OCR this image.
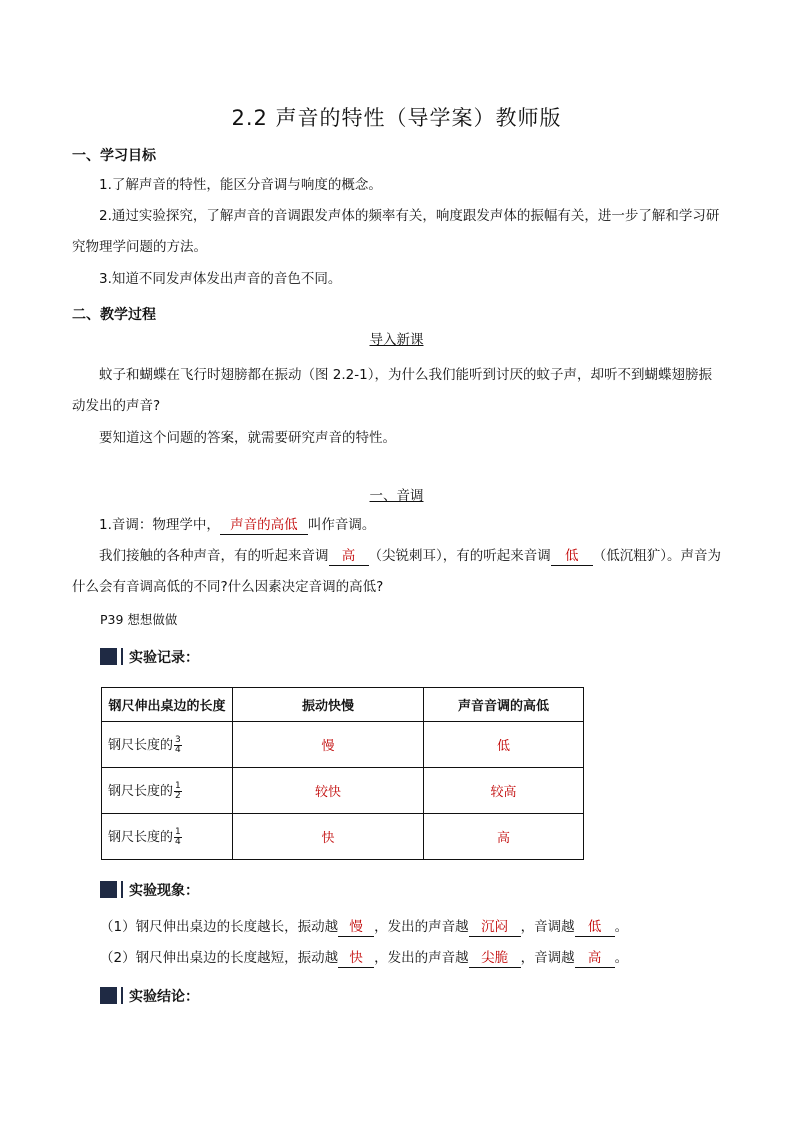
2.2 声音的特性（导学案）教师版
一、学习目标
1.了解声音的特性，能区分音调与响度的概念。
2.通过实验探究，了解声音的音调跟发声体的频率有关，响度跟发声体的振幅有关，进一步了解和学习研究物理学问题的方法。
3.知道不同发声体发出声音的音色不同。
二、教学过程
导入新课
蚊子和蝴蝶在飞行时翅膀都在振动（图 2.2-1），为什么我们能听到讨厌的蚊子声，却听不到蝴蝶翅膀振动发出的声音?
要知道这个问题的答案，就需要研究声音的特性。
一、音调
1.音调：物理学中， 声音的高低 叫作音调。
我们接触的各种声音，有的听起来音调 高 （尖锐刺耳），有的听起来音调 低 （低沉粗犷）。声音为什么会有音调高低的不同?什么因素决定音调的高低?
P39 想想做做
实验记录：
钢尺伸出桌边的长度	振动快慢	声音音调的高低
钢尺长度的 $\frac{3}{4}$	慢	低
钢尺长度的 $\frac{1}{2}$	较快	较高
钢尺长度的 $\frac{1}{4}$	快	高
实验现象：
（1）钢尺伸出桌边的长度越长，振动越 慢 ，发出的声音越 沉闷 ，音调越 低 。
（2）钢尺伸出桌边的长度越短，振动越 快 ，发出的声音越 尖脆 ，音调越 高 。
实验结论：
